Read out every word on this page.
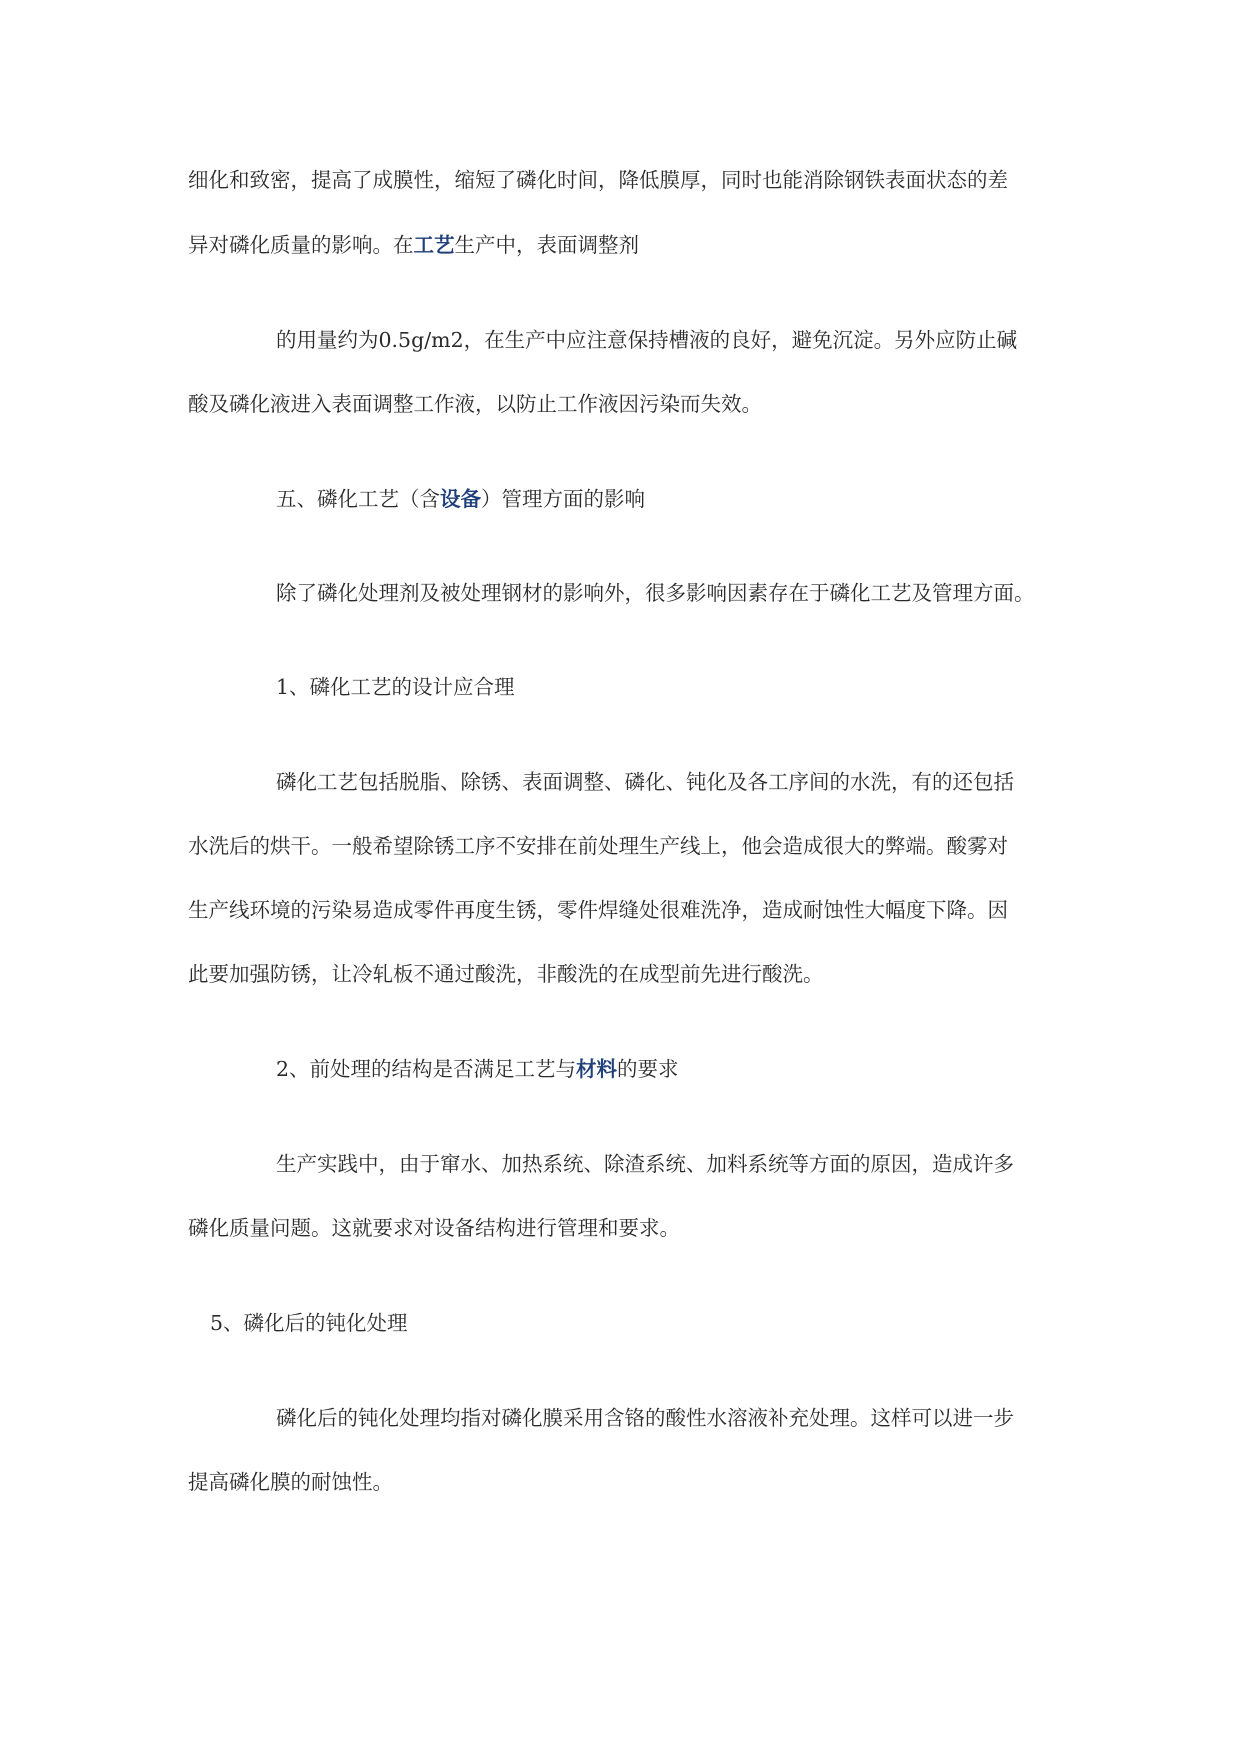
细化和致密，提高了成膜性，缩短了磷化时间，降低膜厚，同时也能消除钢铁表面状态的差

异对磷化质量的影响。在工艺生产中，表面调整剂

的用量约为0.5g/m2，在生产中应注意保持槽液的良好，避免沉淀。另外应防止碱

酸及磷化液进入表面调整工作液，以防止工作液因污染而失效。

五、磷化工艺（含设备）管理方面的影响

除了磷化处理剂及被处理钢材的影响外，很多影响因素存在于磷化工艺及管理方面。

1、磷化工艺的设计应合理

磷化工艺包括脱脂、除锈、表面调整、磷化、钝化及各工序间的水洗，有的还包括

水洗后的烘干。一般希望除锈工序不安排在前处理生产线上，他会造成很大的弊端。酸雾对

生产线环境的污染易造成零件再度生锈，零件焊缝处很难洗净，造成耐蚀性大幅度下降。因

此要加强防锈，让冷轧板不通过酸洗，非酸洗的在成型前先进行酸洗。

2、前处理的结构是否满足工艺与材料的要求

生产实践中，由于窜水、加热系统、除渣系统、加料系统等方面的原因，造成许多

磷化质量问题。这就要求对设备结构进行管理和要求。

5、磷化后的钝化处理

磷化后的钝化处理均指对磷化膜采用含铬的酸性水溶液补充处理。这样可以进一步

提高磷化膜的耐蚀性。
